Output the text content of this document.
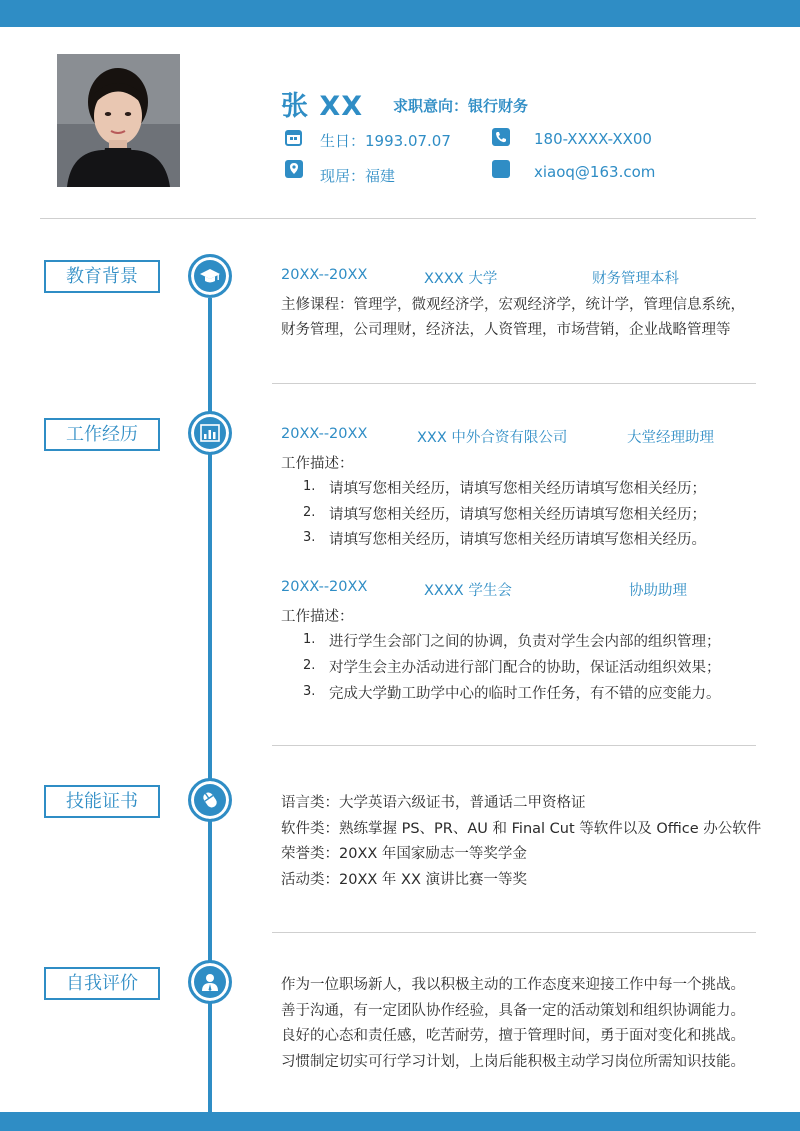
张 XX 求职意向：银行财务
生日：1993.07.07	180-XXXX-XX00
现居：福建	xiaoq@163.com
教育背景	20XX--20XX	XXXX 大学	财务管理本科
主修课程：管理学，微观经济学，宏观经济学，统计学，管理信息系统，
财务管理，公司理财，经济法，人资管理，市场营销，企业战略管理等
工作经历	20XX--20XX	XXX 中外合资有限公司	大堂经理助理
工作描述：
1. 请填写您相关经历，请填写您相关经历请填写您相关经历；
2. 请填写您相关经历，请填写您相关经历请填写您相关经历；
3. 请填写您相关经历，请填写您相关经历请填写您相关经历。
20XX--20XX	XXXX 学生会	协助助理
工作描述：
1. 进行学生会部门之间的协调，负责对学生会内部的组织管理；
2. 对学生会主办活动进行部门配合的协助，保证活动组织效果；
3. 完成大学勤工助学中心的临时工作任务，有不错的应变能力。
技能证书	语言类：大学英语六级证书，普通话二甲资格证
软件类：熟练掌握 PS、PR、AU 和 Final Cut 等软件以及 Office 办公软件
荣誉类：20XX 年国家励志一等奖学金
活动类：20XX 年 XX 演讲比赛一等奖
自我评价	作为一位职场新人，我以积极主动的工作态度来迎接工作中每一个挑战。
善于沟通，有一定团队协作经验，具备一定的活动策划和组织协调能力。
良好的心态和责任感，吃苦耐劳，擅于管理时间，勇于面对变化和挑战。
习惯制定切实可行学习计划，上岗后能积极主动学习岗位所需知识技能。
